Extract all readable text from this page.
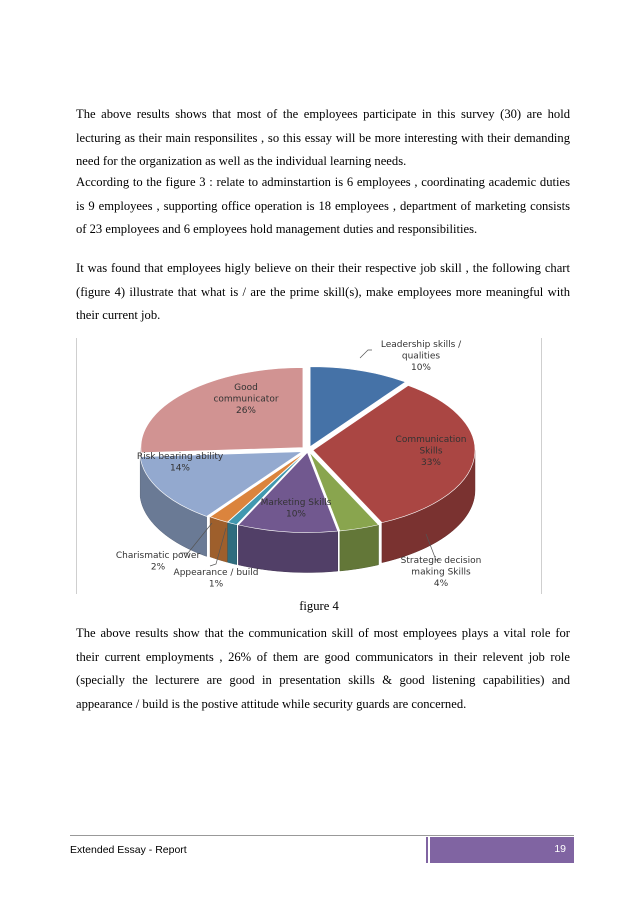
The above results shows that most of the employees participate in this survey (30) are hold lecturing as their main responsilites , so this essay will be more interesting with their demanding need for the organization as well as the individual learning needs.

According to the figure 3 : relate to adminstartion is 6 employees , coordinating academic duties is 9 employees , supporting office operation is 18 employees , department of marketing consists of 23 employees and 6 employees hold management duties and responsibilities.

It was found that employees higly believe on their their respective job skill , the following chart (figure 4) illustrate that what is / are the prime skill(s), make employees more meaningful with their current job.

Leadership skills / qualities 10%
Communication Skills 33%
Strategic decision making Skills 4%
Marketing Skills 10%
Appearance / build 1%
Charismatic power 2%
Risk bearing ability 14%
Good communicator 26%
figure 4

The above results show that the communication skill of most employees plays a vital role for their current employments , 26% of them are good communicators in their relevent job role (specially the lecturere are good in presentation skills & good listening capabilities) and appearance / build is the postive attitude while security guards are concerned.

Extended Essay - Report	19
